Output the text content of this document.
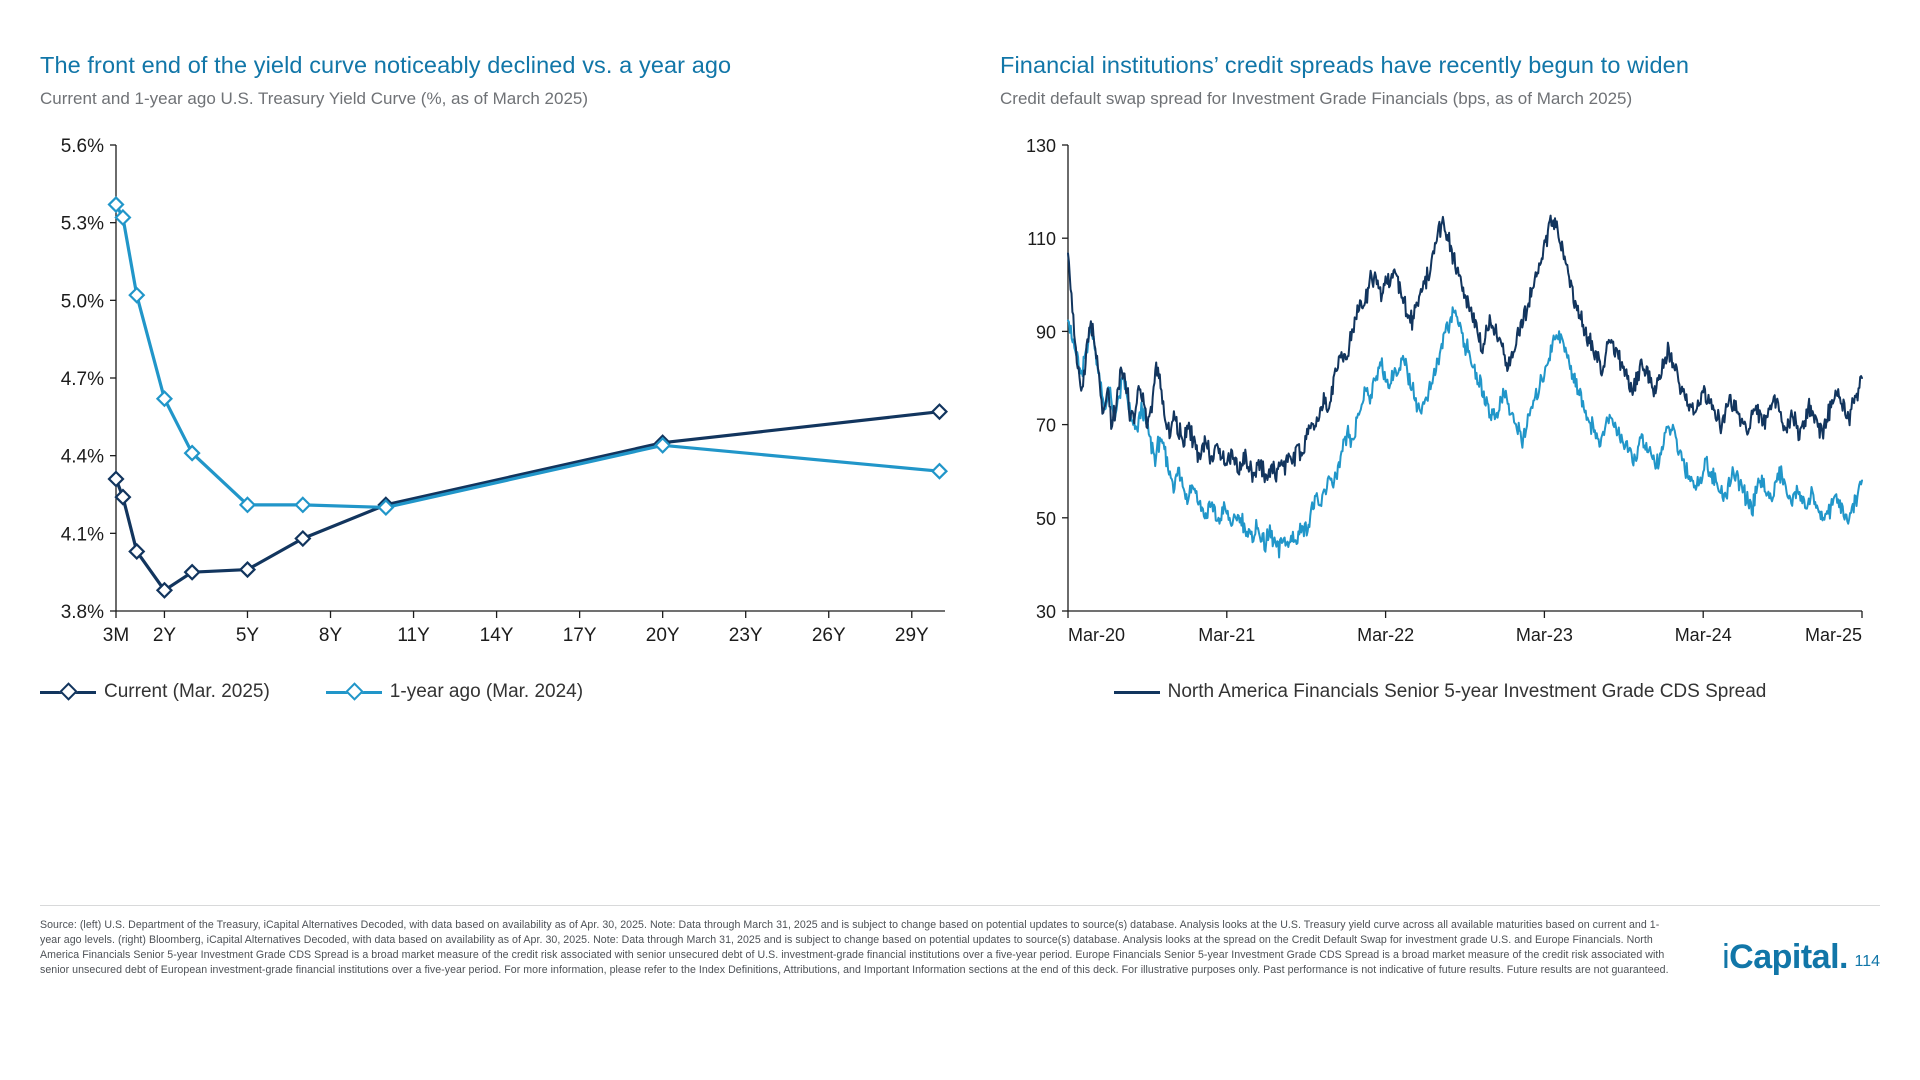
The front end of the yield curve noticeably declined vs. a year ago

Current and 1-year ago U.S. Treasury Yield Curve (%, as of March 2025)

3.8%
4.1%
4.4%
4.7%
5.0%
5.3%
5.6%
3M 2Y	5Y	8Y	11Y	14Y	17Y	20Y	23Y	26Y	29Y
Current (Mar. 2025)	1-year ago (Mar. 2024)
Financial institutions’ credit spreads have recently begun to widen

Credit default swap spread for Investment Grade Financials (bps, as of March 2025)

30
50
70
90
110
130
Mar-20	Mar-21	Mar-22	Mar-23	Mar-24	Mar-25
North America Financials Senior 5-year Investment Grade CDS Spread
Source: (left) U.S. Department of the Treasury, iCapital Alternatives Decoded, with data based on availability as of Apr. 30, 2025. Note: Data through March 31, 2025 and is subject to change based on potential updates to source(s) database. Analysis looks at the U.S. Treasury yield curve across all available maturities based on current and 1-year ago levels. (right) Bloomberg, iCapital Alternatives Decoded, with data based on availability as of Apr. 30, 2025. Note: Data through March 31, 2025 and is subject to change based on potential updates to source(s) database. Analysis looks at the spread on the Credit Default Swap for investment grade U.S. and Europe Financials. North America Financials Senior 5-year Investment Grade CDS Spread is a broad market measure of the credit risk associated with senior unsecured debt of U.S. investment-grade financial institutions over a five-year period. Europe Financials Senior 5-year Investment Grade CDS Spread is a broad market measure of the credit risk associated with senior unsecured debt of European investment-grade financial institutions over a five-year period. For more information, please refer to the Index Definitions, Attributions, and Important Information sections at the end of this deck. For illustrative purposes only. Past performance is not indicative of future results. Future results are not guaranteed. i Capital . 114
